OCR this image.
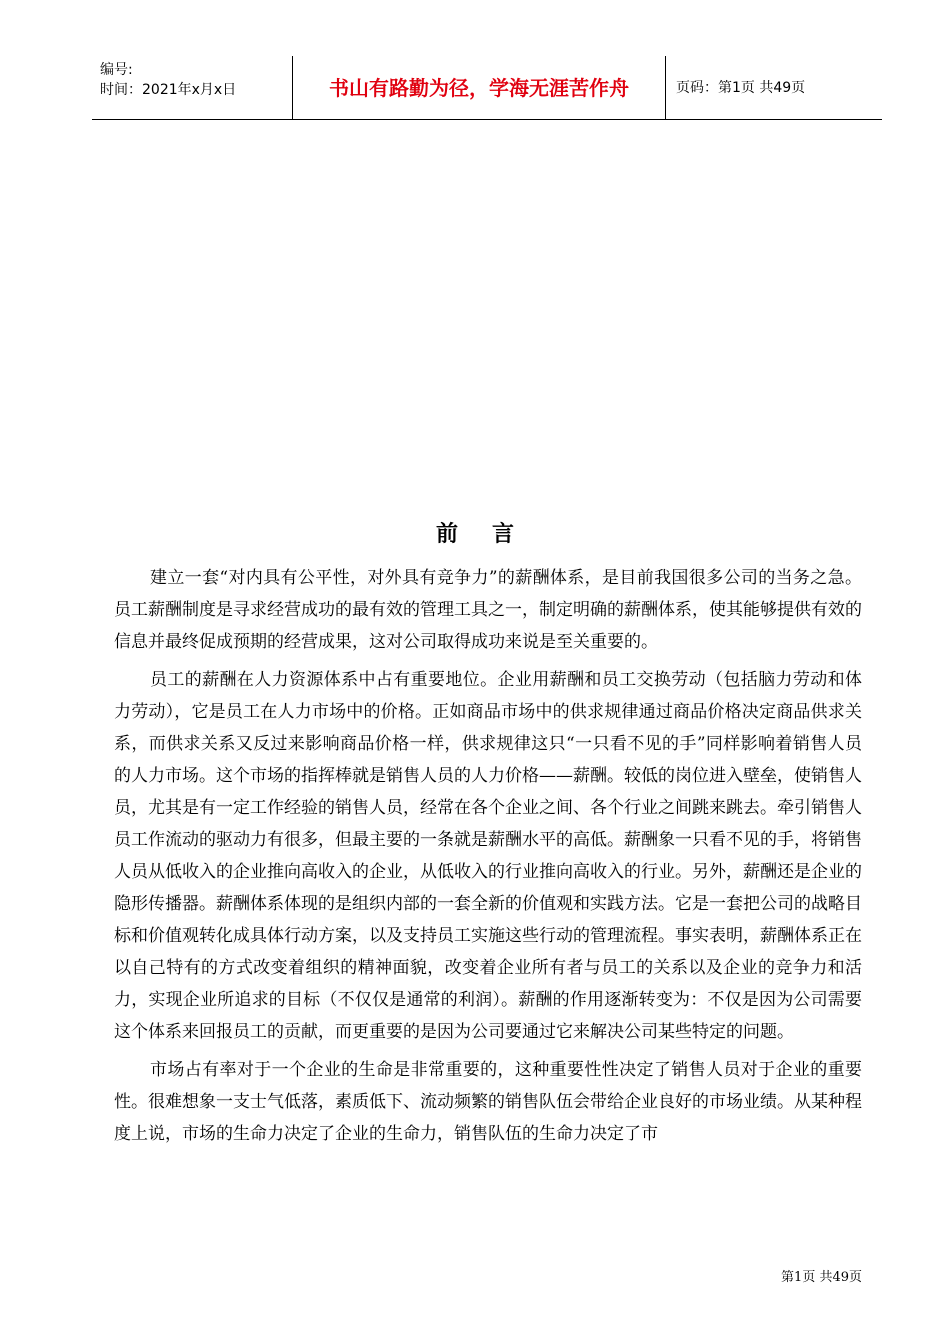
编号:
时间：2021年x月x日	书山有路勤为径，学海无涯苦作舟	页码：第1页 共49页
前言

建立一套“对内具有公平性，对外具有竞争力”的薪酬体系，是目前我国很多公司的当务之急。员工薪酬制度是寻求经营成功的最有效的管理工具之一，制定明确的薪酬体系，使其能够提供有效的信息并最终促成预期的经营成果，这对公司取得成功来说是至关重要的。

员工的薪酬在人力资源体系中占有重要地位。企业用薪酬和员工交换劳动（包括脑力劳动和体力劳动），它是员工在人力市场中的价格。正如商品市场中的供求规律通过商品价格决定商品供求关系，而供求关系又反过来影响商品价格一样，供求规律这只“一只看不见的手”同样影响着销售人员的人力市场。这个市场的指挥棒就是销售人员的人力价格——薪酬。较低的岗位进入壁垒，使销售人员，尤其是有一定工作经验的销售人员，经常在各个企业之间、各个行业之间跳来跳去。牵引销售人员工作流动的驱动力有很多，但最主要的一条就是薪酬水平的高低。薪酬象一只看不见的手，将销售人员从低收入的企业推向高收入的企业，从低收入的行业推向高收入的行业。另外，薪酬还是企业的隐形传播器。薪酬体系体现的是组织内部的一套全新的价值观和实践方法。它是一套把公司的战略目标和价值观转化成具体行动方案，以及支持员工实施这些行动的管理流程。事实表明，薪酬体系正在以自己特有的方式改变着组织的精神面貌，改变着企业所有者与员工的关系以及企业的竞争力和活力，实现企业所追求的目标（不仅仅是通常的利润）。薪酬的作用逐渐转变为：不仅是因为公司需要这个体系来回报员工的贡献，而更重要的是因为公司要通过它来解决公司某些特定的问题。

市场占有率对于一个企业的生命是非常重要的，这种重要性性决定了销售人员对于企业的重要性。很难想象一支士气低落，素质低下、流动频繁的销售队伍会带给企业良好的市场业绩。从某种程度上说，市场的生命力决定了企业的生命力，销售队伍的生命力决定了市

第1页 共49页
